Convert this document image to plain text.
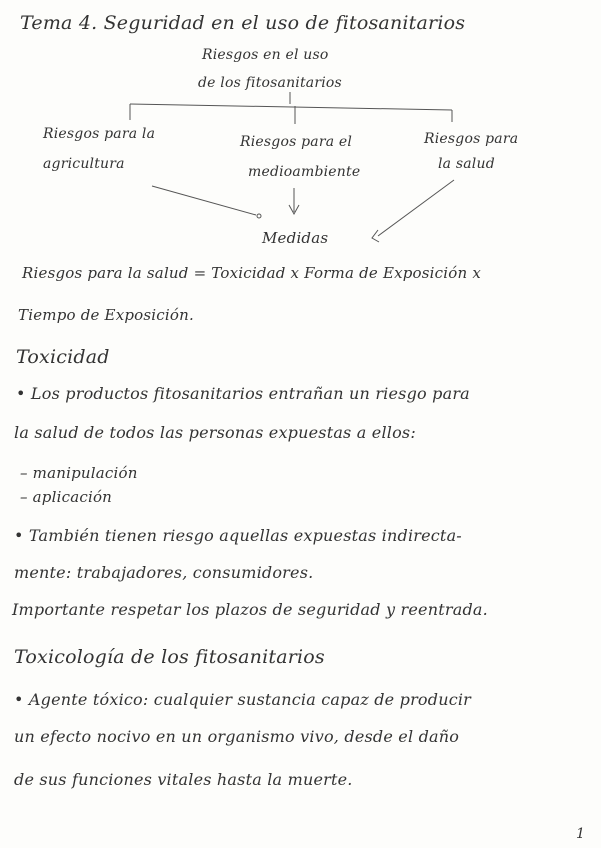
Tema 4. Seguridad en el uso de fitosanitarios
Riesgos en el uso
de los fitosanitarios
Riesgos para la
agricultura
Riesgos para el
medioambiente
Riesgos para
la salud
Medidas
Riesgos para la salud = Toxicidad x Forma de Exposición x
Tiempo de Exposición.
Toxicidad
• Los productos fitosanitarios entrañan un riesgo para
la salud de todos las personas expuestas a ellos:
– manipulación
– aplicación
• También tienen riesgo aquellas expuestas indirecta-
mente: trabajadores, consumidores.
Importante respetar los plazos de seguridad y reentrada.
Toxicología de los fitosanitarios
• Agente tóxico: cualquier sustancia capaz de producir
un efecto nocivo en un organismo vivo, desde el daño
de sus funciones vitales hasta la muerte.
1
